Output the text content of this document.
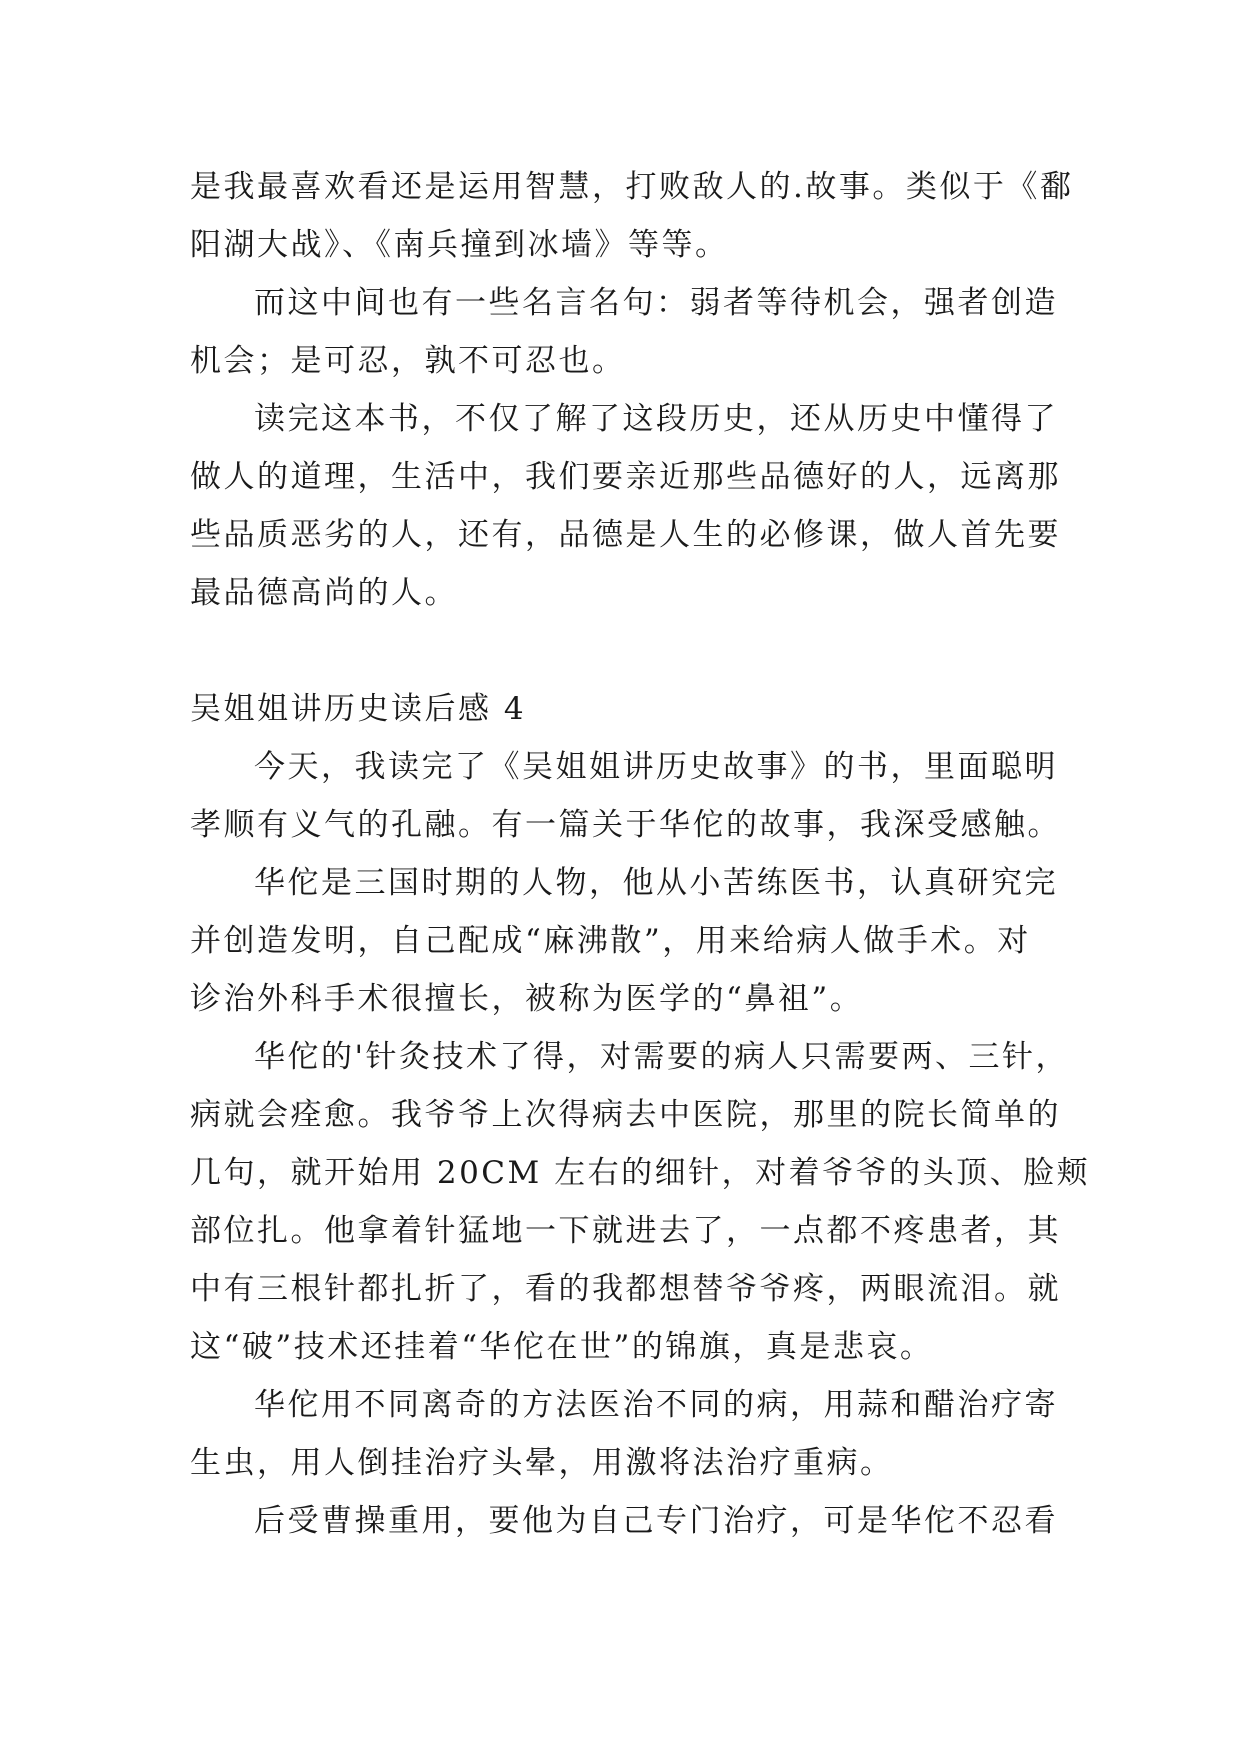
是我最喜欢看还是运用智慧，打败敌人的.故事。类似于《鄱
阳湖大战》、《南兵撞到冰墙》等等。
而这中间也有一些名言名句：弱者等待机会，强者创造
机会；是可忍，孰不可忍也。
读完这本书，不仅了解了这段历史，还从历史中懂得了
做人的道理，生活中，我们要亲近那些品德好的人，远离那
些品质恶劣的人，还有，品德是人生的必修课，做人首先要
最品德高尚的人。
吴姐姐讲历史读后感 4
今天，我读完了《吴姐姐讲历史故事》的书，里面聪明
孝顺有义气的孔融。有一篇关于华佗的故事，我深受感触。
华佗是三国时期的人物，他从小苦练医书，认真研究完
并创造发明，自己配成“麻沸散”，用来给病人做手术。对
诊治外科手术很擅长，被称为医学的“鼻祖”。
华佗的'针灸技术了得，对需要的病人只需要两、三针，
病就会痊愈。我爷爷上次得病去中医院，那里的院长简单的
几句，就开始用 20CM 左右的细针，对着爷爷的头顶、脸颊
部位扎。他拿着针猛地一下就进去了，一点都不疼患者，其
中有三根针都扎折了，看的我都想替爷爷疼，两眼流泪。就
这“破”技术还挂着“华佗在世”的锦旗，真是悲哀。
华佗用不同离奇的方法医治不同的病，用蒜和醋治疗寄
生虫，用人倒挂治疗头晕，用激将法治疗重病。
后受曹操重用，要他为自己专门治疗，可是华佗不忍看
